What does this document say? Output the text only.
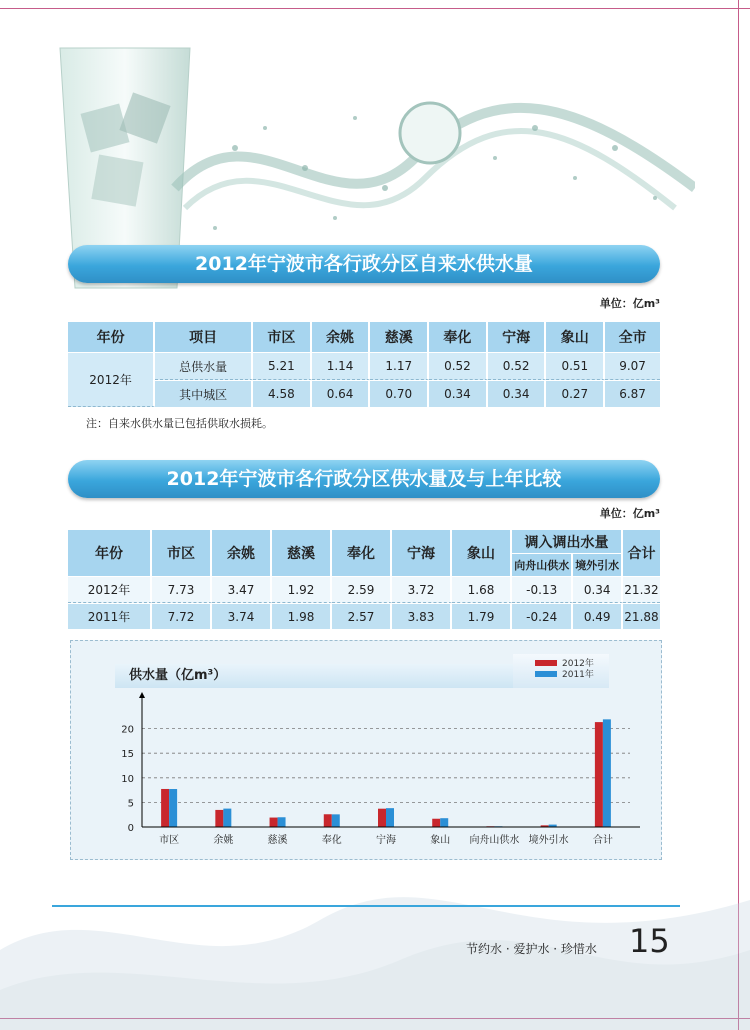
2012年宁波市各行政分区自来水供水量
单位：亿m³
年份	项目	市区	余姚	慈溪	奉化	宁海	象山	全市
2012年	总供水量	5.21	1.14	1.17	0.52	0.52	0.51	9.07
	其中城区	4.58	0.64	0.70	0.34	0.34	0.27	6.87
注：自来水供水量已包括供取水损耗。
2012年宁波市各行政分区供水量及与上年比较
单位：亿m³
年份	市区	余姚	慈溪	奉化	宁海	象山	调入调出水量		合计
							向舟山供水	境外引水	
2012年	7.73	3.47	1.92	2.59	3.72	1.68	-0.13	0.34	21.32
2011年	7.72	3.74	1.98	2.57	3.83	1.79	-0.24	0.49	21.88
供水量（亿m³）
0
5
10
15
20
市区	余姚	慈溪	奉化	宁海	象山 向舟山供水 境外引水 合计
2012年
2011年
节约水 · 爱护水 · 珍惜水 15
